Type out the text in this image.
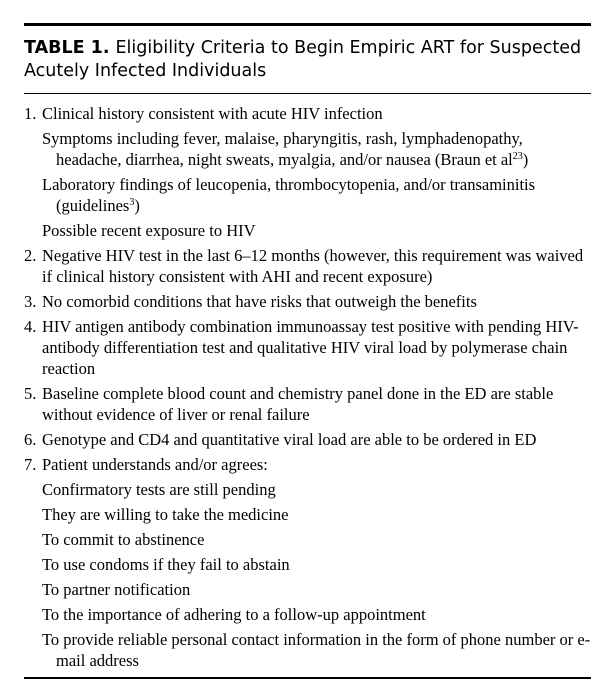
TABLE 1. Eligibility Criteria to Begin Empiric ART for Suspected Acutely Infected Individuals
1. Clinical history consistent with acute HIV infection
Symptoms including fever, malaise, pharyngitis, rash, lymphadenopathy, headache, diarrhea, night sweats, myalgia, and/or nausea (Braun et $al^{23}$)
Laboratory findings of leucopenia, thrombocytopenia, and/or transaminitis (guidelines$^3$)
Possible recent exposure to HIV
2. Negative HIV test in the last 6–12 months (however, this requirement was waived if clinical history consistent with AHI and recent exposure)
3. No comorbid conditions that have risks that outweigh the benefits
4. HIV antigen antibody combination immunoassay test positive with pending HIV-antibody differentiation test and qualitative HIV viral load by polymerase chain reaction
5. Baseline complete blood count and chemistry panel done in the ED are stable without evidence of liver or renal failure
6. Genotype and CD4 and quantitative viral load are able to be ordered in ED
7. Patient understands and/or agrees:
Confirmatory tests are still pending
They are willing to take the medicine
To commit to abstinence
To use condoms if they fail to abstain
To partner notification
To the importance of adhering to a follow-up appointment
To provide reliable personal contact information in the form of phone number or e-mail address
